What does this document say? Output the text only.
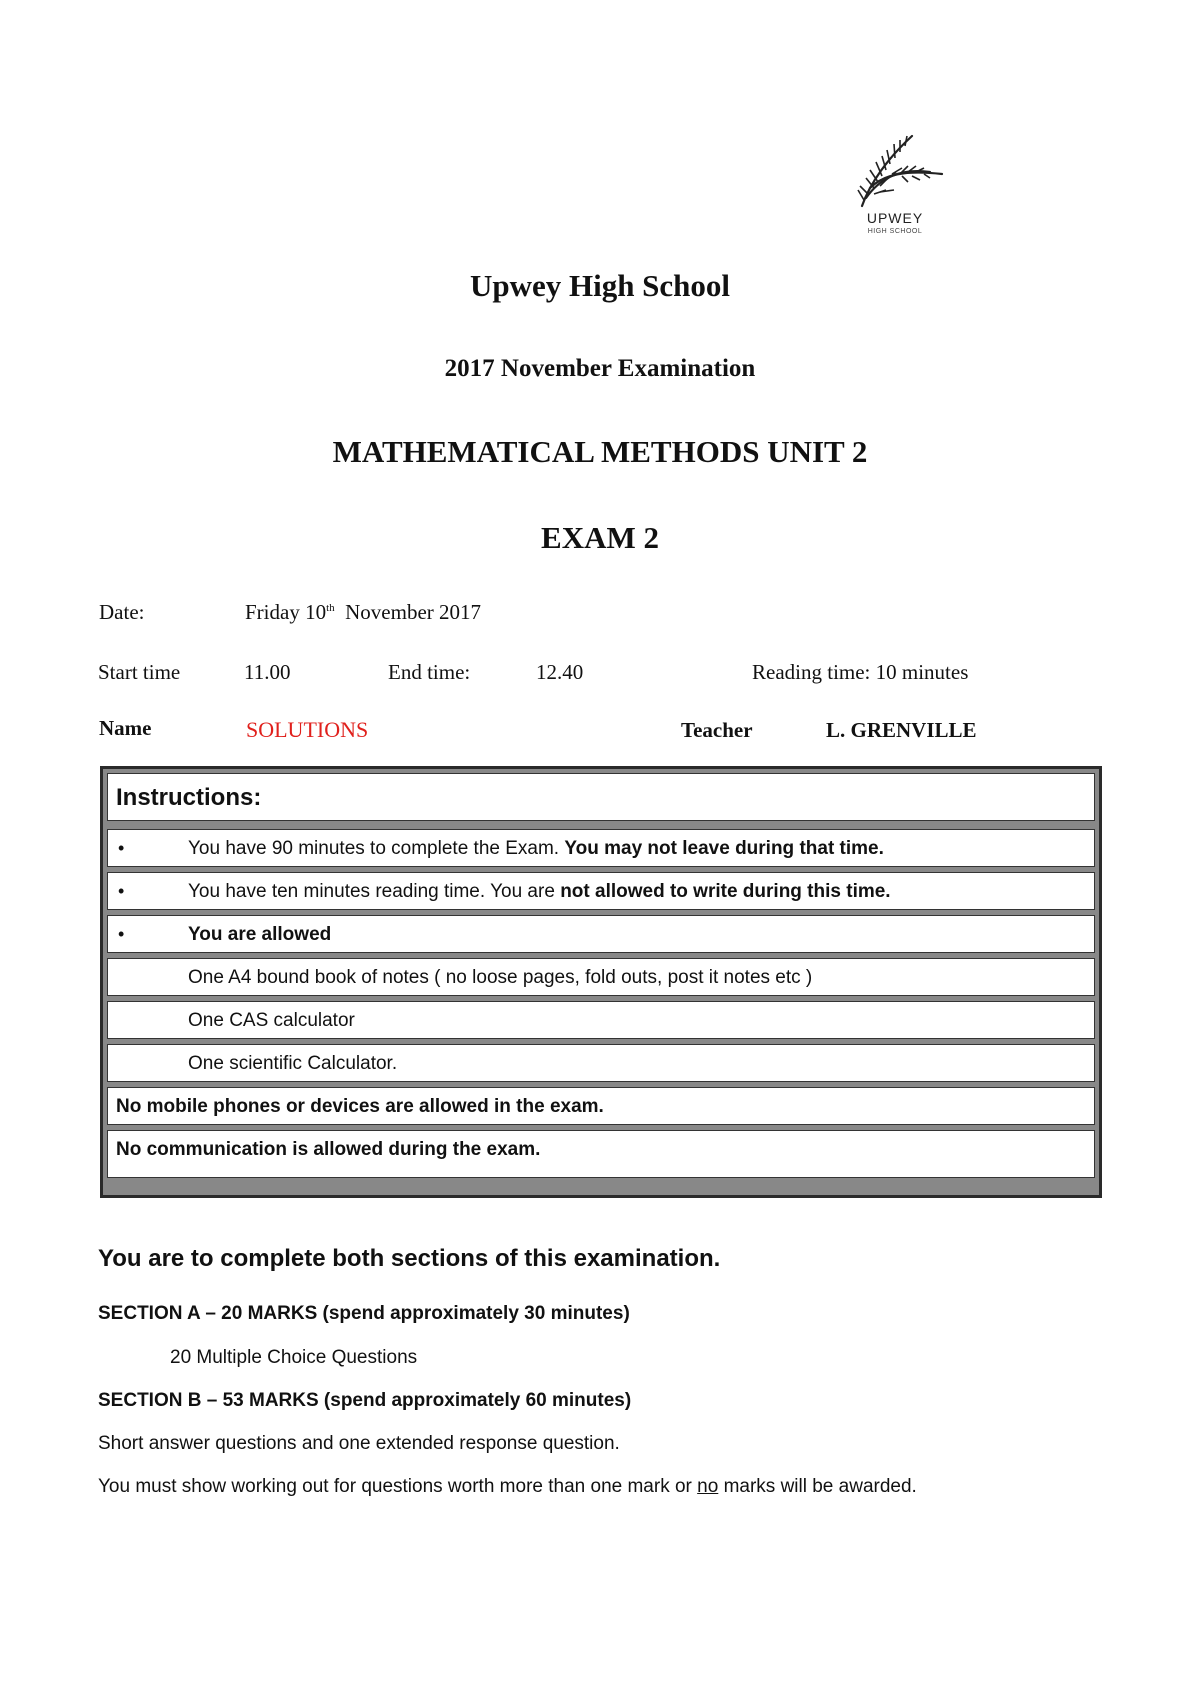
UPWEY
HIGH SCHOOL
Upwey High School
2017 November Examination
MATHEMATICAL METHODS UNIT 2
EXAM 2
Date:	Friday 10th November 2017
Start time	11.00	End time:	12.40	Reading time: 10 minutes
Name	SOLUTIONS	Teacher	L. GRENVILLE
Instructions:
•	You have 90 minutes to complete the Exam. You may not leave during that time.
•	You have ten minutes reading time. You are not allowed to write during this time.
•	You are allowed
One A4 bound book of notes ( no loose pages, fold outs, post it notes etc )
One CAS calculator
One scientific Calculator.
No mobile phones or devices are allowed in the exam.
No communication is allowed during the exam.
You are to complete both sections of this examination.
SECTION A – 20 MARKS (spend approximately 30 minutes)
20 Multiple Choice Questions
SECTION B – 53 MARKS (spend approximately 60 minutes)
Short answer questions and one extended response question.
You must show working out for questions worth more than one mark or no marks will be awarded.
